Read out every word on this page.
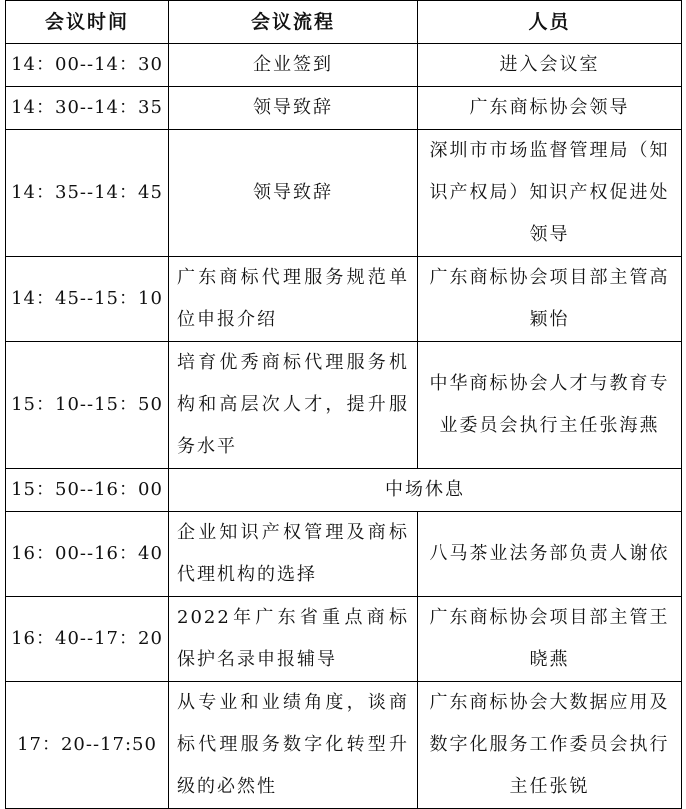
会议时间	会议流程	人员
14：00--14：30	企业签到	进入会议室
14：30--14：35	领导致辞	广东商标协会领导
14：35--14：45	领导致辞	深圳市市场监督管理局（知识产权局）知识产权促进处领导
14：45--15：10	广东商标代理服务规范单位申报介绍	广东商标协会项目部主管高颖怡
15：10--15：50	培育优秀商标代理服务机构和高层次人才，提升服务水平	中华商标协会人才与教育专业委员会执行主任张海燕
15：50--16：00	中场休息	
16：00--16：40	企业知识产权管理及商标代理机构的选择	八马茶业法务部负责人谢依
16：40--17：20	2022年广东省重点商标保护名录申报辅导	广东商标协会项目部主管王晓燕
17：20--17:50	从专业和业绩角度，谈商标代理服务数字化转型升级的必然性	广东商标协会大数据应用及数字化服务工作委员会执行主任张锐
